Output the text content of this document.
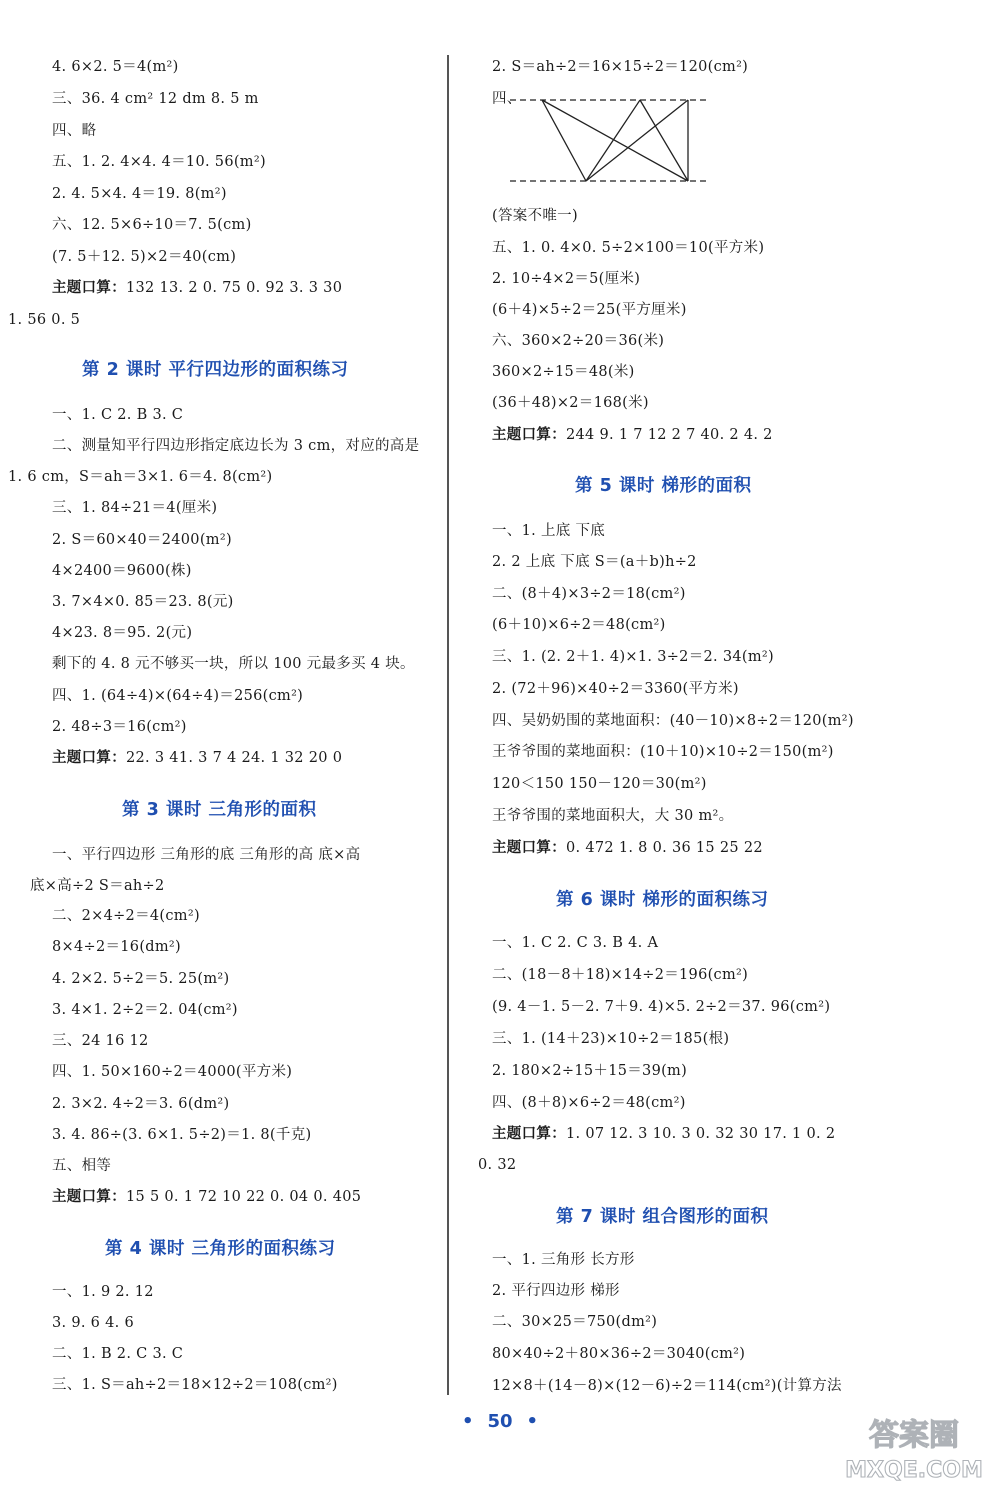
• 50 •	答案圈
MXQE.COM
4. 6×2. 5＝4(m²)
三、36. 4 cm² 12 dm 8. 5 m
四、略
五、1. 2. 4×4. 4＝10. 56(m²)
2. 4. 5×4. 4＝19. 8(m²)
六、12. 5×6÷10＝7. 5(cm)
(7. 5＋12. 5)×2＝40(cm)
主题口算：132 13. 2 0. 75 0. 92 3. 3 30
1. 56 0. 5
一、1. C 2. B 3. C
二、测量知平行四边形指定底边长为 3 cm，对应的高是
1. 6 cm，S＝ah＝3×1. 6＝4. 8(cm²)
三、1. 84÷21＝4(厘米)
2. S＝60×40＝2400(m²)
4×2400＝9600(株)
3. 7×4×0. 85＝23. 8(元)
4×23. 8＝95. 2(元)
剩下的 4. 8 元不够买一块，所以 100 元最多买 4 块。
四、1. (64÷4)×(64÷4)＝256(cm²)
2. 48÷3＝16(cm²)
主题口算：22. 3 41. 3 7 4 24. 1 32 20 0
一、平行四边形 三角形的底 三角形的高 底×高
底×高÷2 S＝ah÷2
二、2×4÷2＝4(cm²)
8×4÷2＝16(dm²)
4. 2×2. 5÷2＝5. 25(m²)
3. 4×1. 2÷2＝2. 04(cm²)
三、24 16 12
四、1. 50×160÷2＝4000(平方米)
2. 3×2. 4÷2＝3. 6(dm²)
3. 4. 86÷(3. 6×1. 5÷2)＝1. 8(千克)
五、相等
主题口算：15 5 0. 1 72 10 22 0. 04 0. 405
一、1. 9 2. 12
3. 9. 6 4. 6
二、1. B 2. C 3. C
三、1. S＝ah÷2＝18×12÷2＝108(cm²)
2. S＝ah÷2＝16×15÷2＝120(cm²)
四、
(答案不唯一)
五、1. 0. 4×0. 5÷2×100＝10(平方米)
2. 10÷4×2＝5(厘米)
(6＋4)×5÷2＝25(平方厘米)
六、360×2÷20＝36(米)
360×2÷15＝48(米)
(36＋48)×2＝168(米)
主题口算：244 9. 1 7 12 2 7 40. 2 4. 2
一、1. 上底 下底
2. 2 上底 下底 S＝(a＋b)h÷2
二、(8＋4)×3÷2＝18(cm²)
(6＋10)×6÷2＝48(cm²)
三、1. (2. 2＋1. 4)×1. 3÷2＝2. 34(m²)
2. (72＋96)×40÷2＝3360(平方米)
四、吴奶奶围的菜地面积：(40－10)×8÷2＝120(m²)
王爷爷围的菜地面积：(10＋10)×10÷2＝150(m²)
120＜150 150－120＝30(m²)
王爷爷围的菜地面积大，大 30 m²。
主题口算：0. 472 1. 8 0. 36 15 25 22
一、1. C 2. C 3. B 4. A
二、(18－8＋18)×14÷2＝196(cm²)
(9. 4－1. 5－2. 7＋9. 4)×5. 2÷2＝37. 96(cm²)
三、1. (14＋23)×10÷2＝185(根)
2. 180×2÷15＋15＝39(m)
四、(8＋8)×6÷2＝48(cm²)
主题口算：1. 07 12. 3 10. 3 0. 32 30 17. 1 0. 2
0. 32
一、1. 三角形 长方形
2. 平行四边形 梯形
二、30×25＝750(dm²)
80×40÷2＋80×36÷2＝3040(cm²)
12×8＋(14－8)×(12－6)÷2＝114(cm²)(计算方法
第 2 课时 平行四边形的面积练习
第 3 课时 三角形的面积
第 4 课时 三角形的面积练习
第 5 课时 梯形的面积
第 6 课时 梯形的面积练习
第 7 课时 组合图形的面积
